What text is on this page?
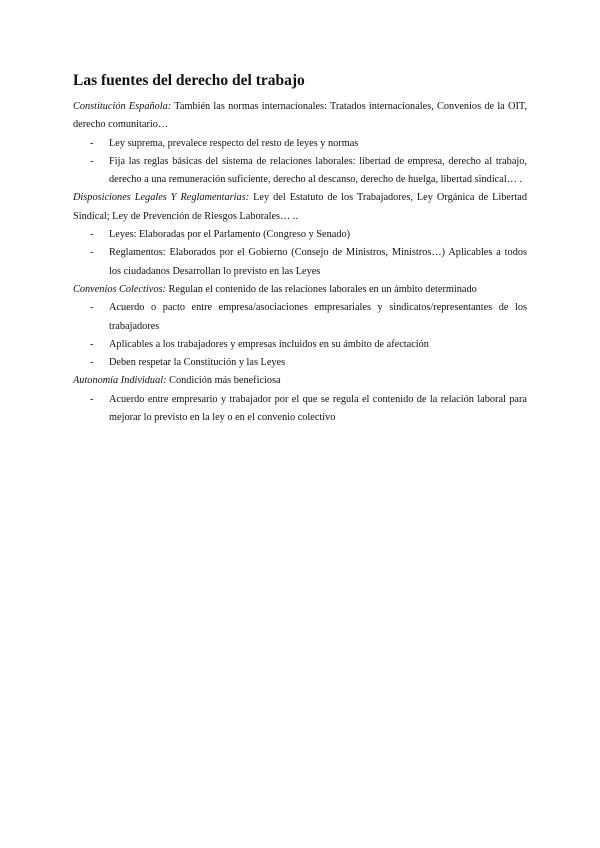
Las fuentes del derecho del trabajo

Constitución Española: También las normas internacionales: Tratados internacionales, Convenios de la OIT, derecho comunitario…

- Ley suprema, prevalece respecto del resto de leyes y normas
- Fija las reglas básicas del sistema de relaciones laborales: libertad de empresa, derecho al trabajo, derecho a una remuneración suficiente, derecho al descanso, derecho de huelga, libertad sindical… .

Disposiciones Legales Y Reglamentarias: Ley del Estatuto de los Trabajadores, Ley Orgánica de Libertad Sindical; Ley de Prevención de Riesgos Laborales… ..

- Leyes: Elaboradas por el Parlamento (Congreso y Senado)
- Reglamentos: Elaborados por el Gobierno (Consejo de Ministros, Ministros…) Aplicables a todos los ciudadanos Desarrollan lo previsto en las Leyes

Convenios Colectivos: Regulan el contenido de las relaciones laborales en un ámbito determinado

- Acuerdo o pacto entre empresa/asociaciones empresariales y sindicatos/representantes de los trabajadores
- Aplicables a los trabajadores y empresas incluidos en su ámbito de afectación
- Deben respetar la Constitución y las Leyes

Autonomía Individual: Condición más beneficiosa

- Acuerdo entre empresario y trabajador por el que se regula el contenido de la relación laboral para mejorar lo previsto en la ley o en el convenio colectivo
